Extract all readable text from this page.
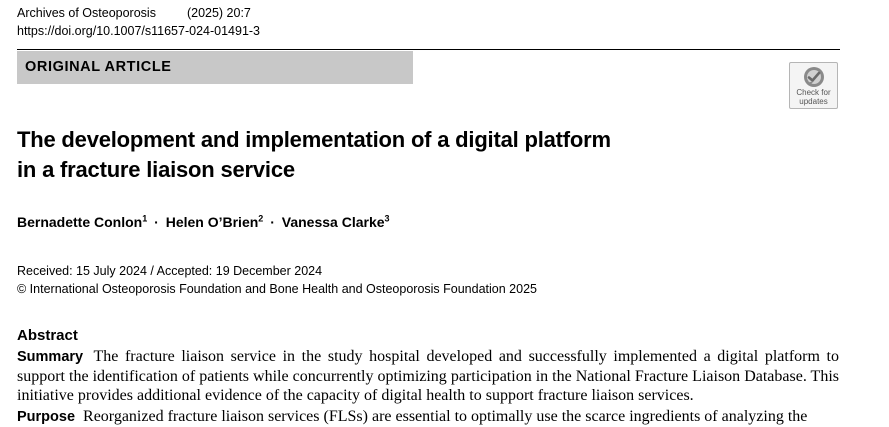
Archives of Osteoporosis (2025) 20:7
https://doi.org/10.1007/s11657-024-01491-3
ORIGINAL ARTICLE
Check for
updates
The development and implementation of a digital platform
in a fracture liaison service
Bernadette Conlon$^1$ · Helen O’Brien$^2$ · Vanessa Clarke$^3$
Received: 15 July 2024 / Accepted: 19 December 2024
© International Osteoporosis Foundation and Bone Health and Osteoporosis Foundation 2025
Abstract

Summary The fracture liaison service in the study hospital developed and successfully implemented a digital platform to support the identification of patients while concurrently optimizing participation in the National Fracture Liaison Database. This initiative provides additional evidence of the capacity of digital health to support fracture liaison services.

Purpose Reorganized fracture liaison services (FLSs) are essential to optimally use the scarce ingredients of analyzing the
